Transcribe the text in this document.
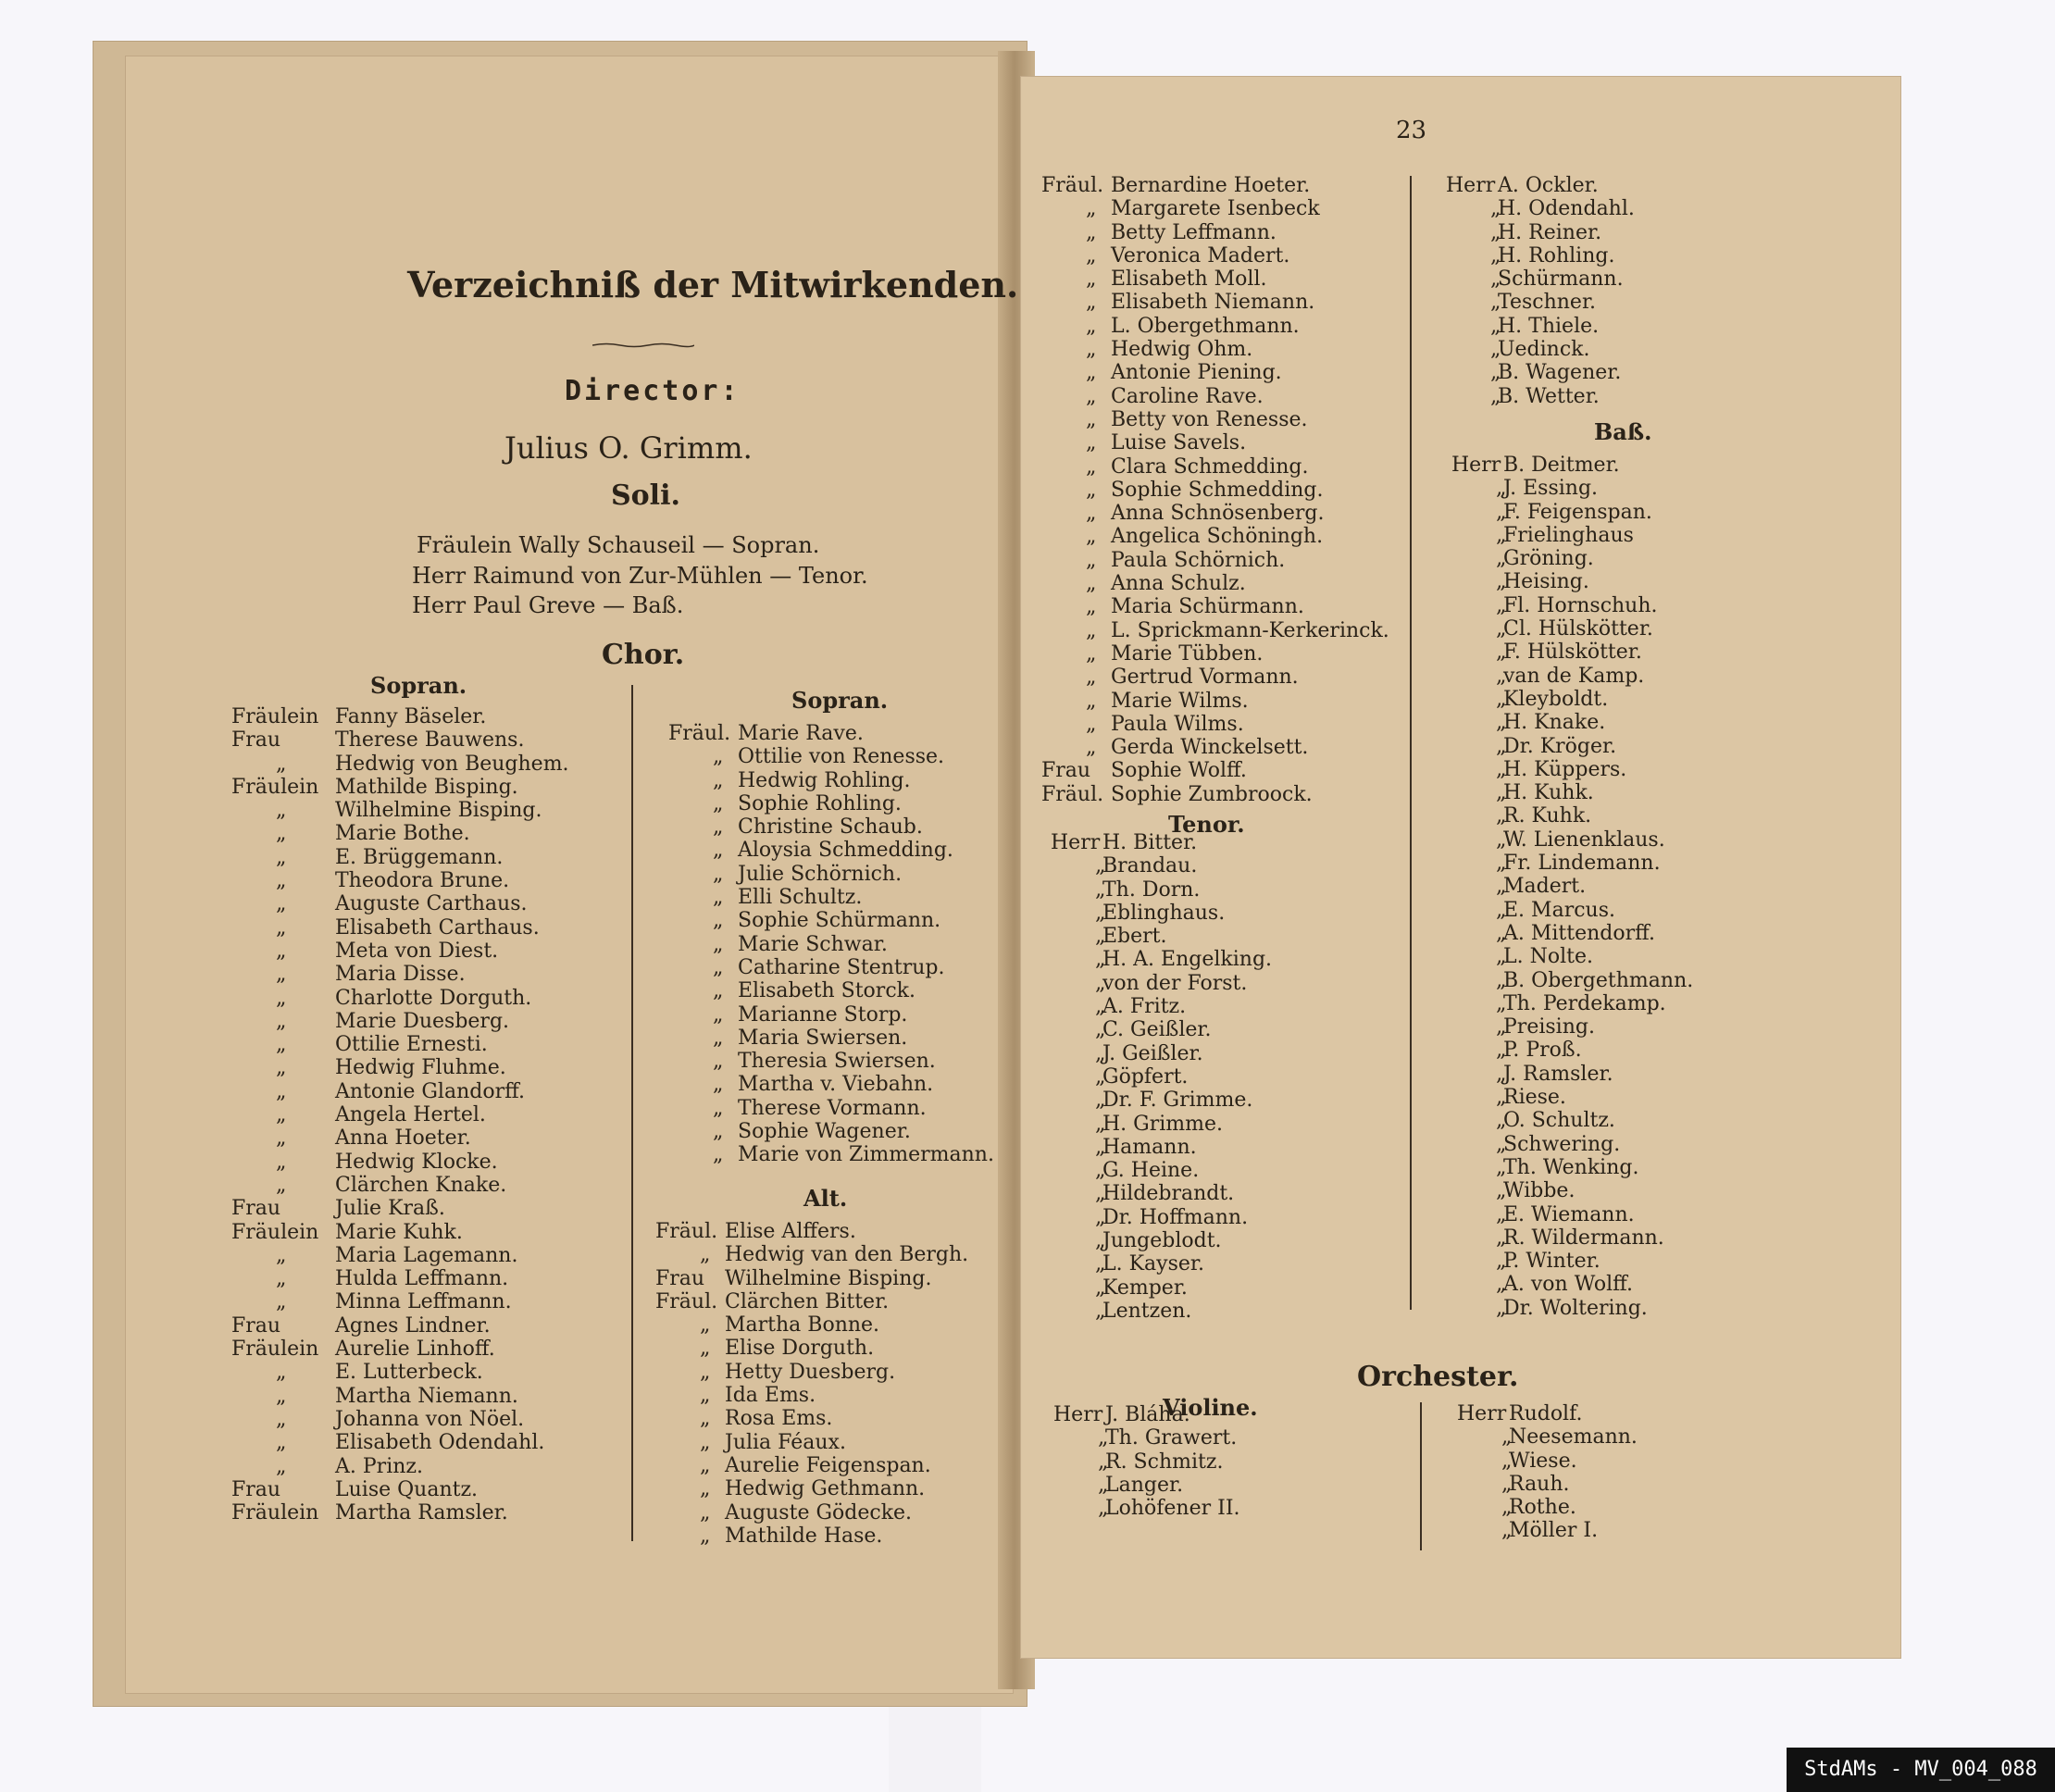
Verzeichniß der Mitwirkenden.
Director:
Julius O. Grimm.
Soli.
Fräulein Wally Schauseil — Sopran.
Herr Raimund von Zur-Mühlen — Tenor.
Herr Paul Greve — Baß.
Chor.
Sopran.
Fräulein Fanny Bäseler.
Frau	Therese Bauwens.
„ Hedwig von Beughem.
Fräulein Mathilde Bisping.
„ Wilhelmine Bisping.
„ Marie Bothe.
„ E. Brüggemann.
„ Theodora Brune.
„ Auguste Carthaus.
„ Elisabeth Carthaus.
„ Meta von Diest.
„ Maria Disse.
„ Charlotte Dorguth.
„ Marie Duesberg.
„ Ottilie Ernesti.
„ Hedwig Fluhme.
„ Antonie Glandorff.
„ Angela Hertel.
„ Anna Hoeter.
„ Hedwig Klocke.
„ Clärchen Knake.
Frau	Julie Kraß.
Fräulein Marie Kuhk.
„ Maria Lagemann.
„ Hulda Leffmann.
„ Minna Leffmann.
Frau	Agnes Lindner.
Fräulein Aurelie Linhoff.
„ E. Lutterbeck.
„ Martha Niemann.
„ Johanna von Nöel.
„ Elisabeth Odendahl.
„ A. Prinz.
Frau	Luise Quantz.
Fräulein Martha Ramsler.
Sopran.
Fräul. Marie Rave.
„ Ottilie von Renesse.
„ Hedwig Rohling.
„ Sophie Rohling.
„ Christine Schaub.
„ Aloysia Schmedding.
„ Julie Schörnich.
„ Elli Schultz.
„ Sophie Schürmann.
„ Marie Schwar.
„ Catharine Stentrup.
„ Elisabeth Storck.
„ Marianne Storp.
„ Maria Swiersen.
„ Theresia Swiersen.
„ Martha v. Viebahn.
„ Therese Vormann.
„ Sophie Wagener.
„ Marie von Zimmermann.
Alt.
Fräul. Elise Alffers.
„ Hedwig van den Bergh.
Frau Wilhelmine Bisping.
Fräul. Clärchen Bitter.
„ Martha Bonne.
„ Elise Dorguth.
„ Hetty Duesberg.
„ Ida Ems.
„ Rosa Ems.
„ Julia Féaux.
„ Aurelie Feigenspan.
„ Hedwig Gethmann.
„ Auguste Gödecke.
„ Mathilde Hase.
23
Fräul. Bernardine Hoeter.
„ Margarete Isenbeck
„ Betty Leffmann.
„ Veronica Madert.
„ Elisabeth Moll.
„ Elisabeth Niemann.
„ L. Obergethmann.
„ Hedwig Ohm.
„ Antonie Piening.
„ Caroline Rave.
„ Betty von Renesse.
„ Luise Savels.
„ Clara Schmedding.
„ Sophie Schmedding.
„ Anna Schnösenberg.
„ Angelica Schöningh.
„ Paula Schörnich.
„ Anna Schulz.
„ Maria Schürmann.
„ L. Sprickmann-Kerkerinck.
„ Marie Tübben.
„ Gertrud Vormann.
„ Marie Wilms.
„ Paula Wilms.
„ Gerda Winckelsett.
Frau Sophie Wolff.
Fräul. Sophie Zumbroock.
Tenor.
Herr H. Bitter.
„Brandau.
„Th. Dorn.
„Eblinghaus.
„Ebert.
„H. A. Engelking.
„von der Forst.
„A. Fritz.
„C. Geißler.
„J. Geißler.
„Göpfert.
„Dr. F. Grimme.
„H. Grimme.
„Hamann.
„G. Heine.
„Hildebrandt.
„Dr. Hoffmann.
„Jungeblodt.
„L. Kayser.
„Kemper.
„Lentzen.
Herr A. Ockler.
„H. Odendahl.
„H. Reiner.
„H. Rohling.
„Schürmann.
„Teschner.
„H. Thiele.
„Uedinck.
„B. Wagener.
„B. Wetter.
Baß.
Herr B. Deitmer.
„J. Essing.
„F. Feigenspan.
„Frielinghaus
„Gröning.
„Heising.
„Fl. Hornschuh.
„Cl. Hülskötter.
„F. Hülskötter.
„van de Kamp.
„Kleyboldt.
„H. Knake.
„Dr. Kröger.
„H. Küppers.
„H. Kuhk.
„R. Kuhk.
„W. Lienenklaus.
„Fr. Lindemann.
„Madert.
„E. Marcus.
„A. Mittendorff.
„L. Nolte.
„B. Obergethmann.
„Th. Perdekamp.
„Preising.
„P. Proß.
„J. Ramsler.
„Riese.
„O. Schultz.
„Schwering.
„Th. Wenking.
„Wibbe.
„E. Wiemann.
„R. Wildermann.
„P. Winter.
„A. von Wolff.
„Dr. Woltering.
Orchester.
Violine.
Herr J. Bláha.
„Th. Grawert.
„R. Schmitz.
„Langer.
„Lohöfener II.
Herr Rudolf.
„Neesemann.
„Wiese.
„Rauh.
„Rothe.
„Möller I.
StdAMs - MV_004_088
